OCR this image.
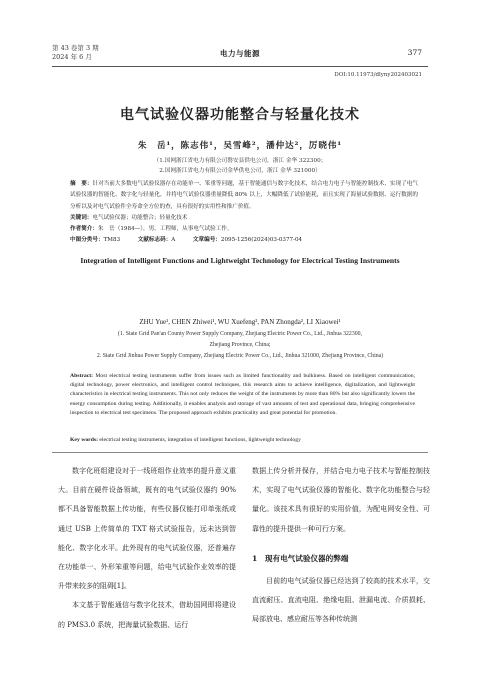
第 43 卷第 3 期
2024 年 6 月	电力与能源	377
DOI:10.11973/dlyny202403021
电气试验仪器功能整合与轻量化技术
朱　岳¹，陈志伟¹，吴雪峰²，潘仲达²，厉晓伟¹
（1.国网浙江省电力有限公司磐安县供电公司，浙江 金华 322300；
2.国网浙江省电力有限公司金华供电公司，浙江 金华 321000）
摘　要：针对当前大多数电气试验仪器存在功能单一、笨重等问题，基于智能通信与数字化技术，结合电力电子与智能控制技术，实现了电气试验仪器的智能化、数字化与轻量化，并将电气试验仪器重量降低 80% 以上，大幅降低了试验能耗，而且实现了海量试验数据、运行数据的分析以及对电气试验件全寿命全方位的查，具有很好的实用性和推广价值。
关键词：电气试验仪器；功能整合；轻量化技术
作者简介：朱　岳（1984—），男，工程师，从事电气试验工作。
中图分类号：TM83	文献标志码：A	文章编号：2095-1256(2024)03-0377-04
Integration of Intelligent Functions and Lightweight Technology for Electrical Testing Instruments
ZHU Yue¹, CHEN Zhiwei¹, WU Xuefeng², PAN Zhongda², LI Xiaowei¹
(1. State Grid Pan'an County Power Supply Company, Zhejiang Electric Power Co., Ltd., Jinhua 322300,
Zhejiang Province, China;
2. State Grid Jinhua Power Supply Company, Zhejiang Electric Power Co., Ltd., Jinhua 321000, Zhejiang Province, China)
Abstract: Most electrical testing instruments suffer from issues such as limited functionality and bulkiness. Based on intelligent communication, digital technology, power electronics, and intelligent control techniques, this research aims to achieve intelligence, digitalization, and lightweight characteristics in electrical testing instruments. This not only reduces the weight of the instruments by more than 80% but also significantly lowers the energy consumption during testing. Additionally, it enables analysis and storage of vast amounts of test and operational data, bringing comprehensive inspection to electrical test specimens. The proposed approach exhibits practicality and great potential for promotion.
Key words: electrical testing instruments, integration of intelligent functions, lightweight technology

数字化班组建设对于一线班组作业效率的提升意义重大。目前在硬件设备领域，既有的电气试验仪器约 90% 都不具备智能数据上传功能，有些仪器仅能打印单张纸或通过 USB 上传简单的 TXT 格式试验报告，远未达到智能化、数字化水平。此外现有的电气试验仪器，还普遍存在功能单一、外形笨重等问题，给电气试验作业效率的提升带来较多的阻碍[1]。

本文基于智能通信与数字化技术，借助国网即将建设的 PMS3.0 系统，把海量试验数据、运行

数据上传分析并保存，并结合电力电子技术与智能控制技术，实现了电气试验仪器的智能化、数字化功能整合与轻量化。该技术具有很好的实用价值，为配电网安全性、可靠性的提升提供一种可行方案。

1　现有电气试验仪器的弊端

目前的电气试验仪器已经达到了较高的技术水平，交直流耐压、直流电阻、绝缘电阻、泄漏电流、介质损耗、局部放电、感应耐压等各种传统测
